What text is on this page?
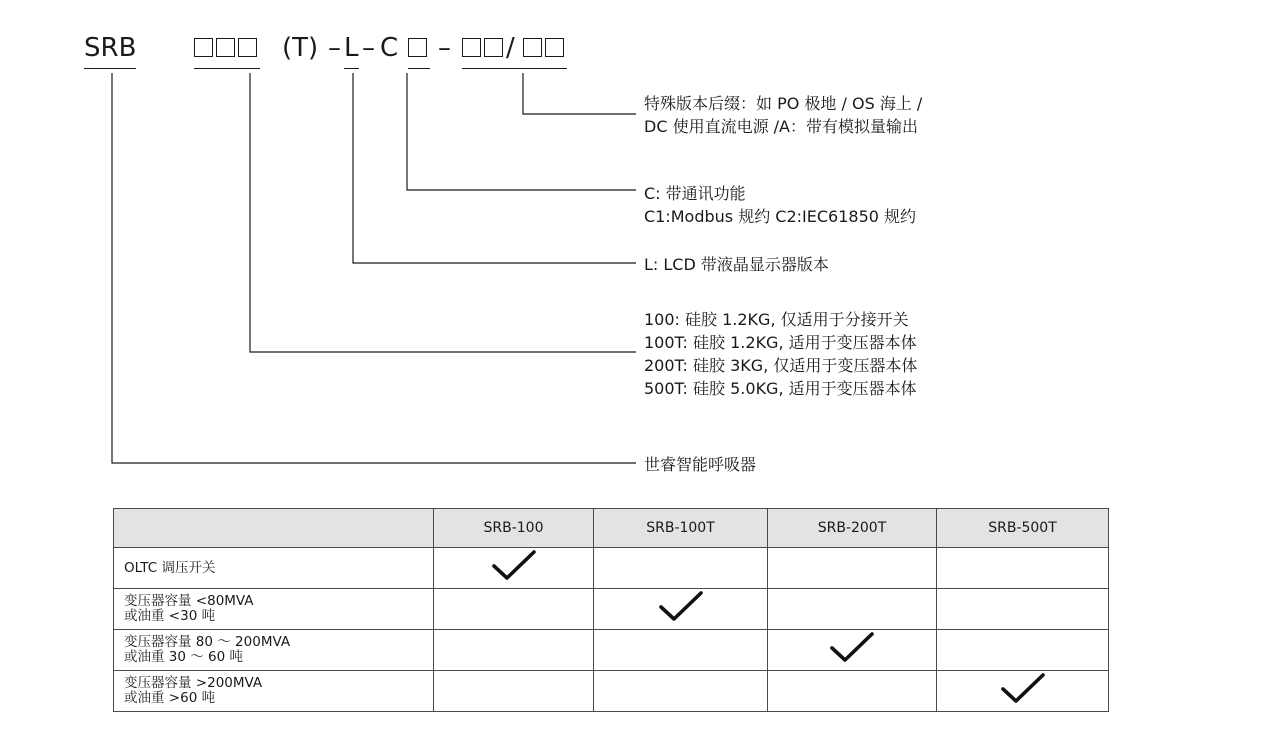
SRB	(T) – L – C –	/
特殊版本后缀：如 PO 极地 / OS 海上 /
DC 使用直流电源 /A：带有模拟量输出
C: 带通讯功能
C1:Modbus 规约 C2:IEC61850 规约
L: LCD 带液晶显示器版本
100: 硅胶 1.2KG, 仅适用于分接开关
100T: 硅胶 1.2KG, 适用于变压器本体
200T: 硅胶 3KG, 仅适用于变压器本体
500T: 硅胶 5.0KG, 适用于变压器本体
世睿智能呼吸器
	SRB-100	SRB-100T	SRB-200T	SRB-500T

OLTC 调压开关

变压器容量 <80MVA
或油重 <30 吨

变压器容量 80 ～ 200MVA
或油重 30 ～ 60 吨

变压器容量 >200MVA
或油重 >60 吨
